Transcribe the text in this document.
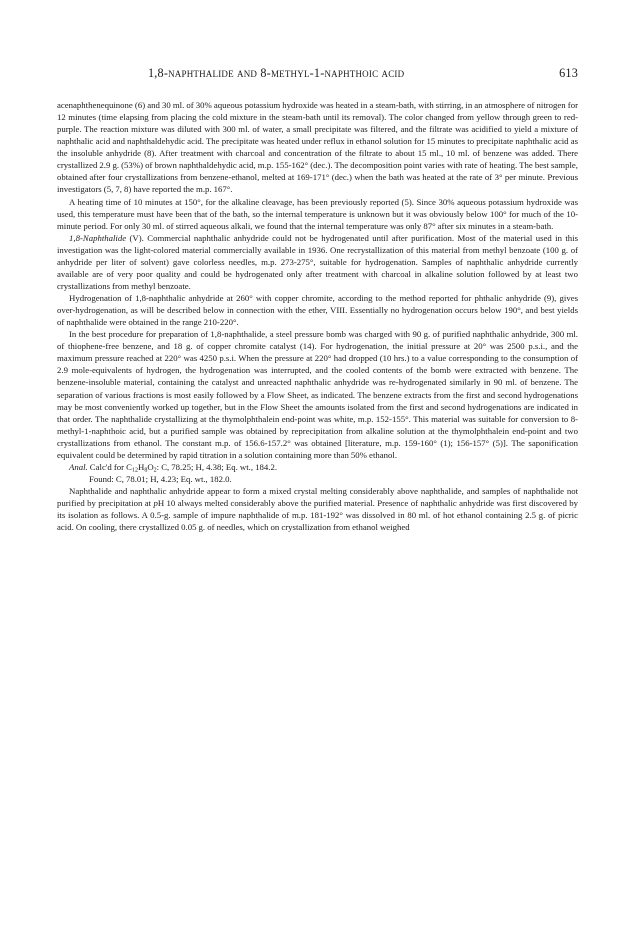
1,8-naphthalide and 8-methyl-1-naphthoic acid	613

acenaphthenequinone (6) and 30 ml. of 30% aqueous potassium hydroxide was heated in a steam-bath, with stirring, in an atmosphere of nitrogen for 12 minutes (time elapsing from placing the cold mixture in the steam-bath until its removal). The color changed from yellow through green to red-purple. The reaction mixture was diluted with 300 ml. of water, a small precipitate was filtered, and the filtrate was acidified to yield a mixture of naphthalic acid and naphthaldehydic acid. The precipitate was heated under reflux in ethanol solution for 15 minutes to precipitate naphthalic acid as the insoluble anhydride (8). After treatment with charcoal and concentration of the filtrate to about 15 ml., 10 ml. of benzene was added. There crystallized 2.9 g. (53%) of brown naphthaldehydic acid, m.p. 155-162° (dec.). The decomposition point varies with rate of heating. The best sample, obtained after four crystallizations from benzene-ethanol, melted at 169-171° (dec.) when the bath was heated at the rate of 3° per minute. Previous investigators (5, 7, 8) have reported the m.p. 167°.

A heating time of 10 minutes at 150°, for the alkaline cleavage, has been previously reported (5). Since 30% aqueous potassium hydroxide was used, this temperature must have been that of the bath, so the internal temperature is unknown but it was obviously below 100° for much of the 10-minute period. For only 30 ml. of stirred aqueous alkali, we found that the internal temperature was only 87° after six minutes in a steam-bath.

1,8-Naphthalide (V). Commercial naphthalic anhydride could not be hydrogenated until after purification. Most of the material used in this investigation was the light-colored material commercially available in 1936. One recrystallization of this material from methyl benzoate (100 g. of anhydride per liter of solvent) gave colorless needles, m.p. 273-275°, suitable for hydrogenation. Samples of naphthalic anhydride currently available are of very poor quality and could be hydrogenated only after treatment with charcoal in alkaline solution followed by at least two crystallizations from methyl benzoate.

Hydrogenation of 1,8-naphthalic anhydride at 260° with copper chromite, according to the method reported for phthalic anhydride (9), gives over-hydrogenation, as will be described below in connection with the ether, VIII. Essentially no hydrogenation occurs below 190°, and best yields of naphthalide were obtained in the range 210-220°.

In the best procedure for preparation of 1,8-naphthalide, a steel pressure bomb was charged with 90 g. of purified naphthalic anhydride, 300 ml. of thiophene-free benzene, and 18 g. of copper chromite catalyst (14). For hydrogenation, the initial pressure at 20° was 2500 p.s.i., and the maximum pressure reached at 220° was 4250 p.s.i. When the pressure at 220° had dropped (10 hrs.) to a value corresponding to the consumption of 2.9 mole-equivalents of hydrogen, the hydrogenation was interrupted, and the cooled contents of the bomb were extracted with benzene. The benzene-insoluble material, containing the catalyst and unreacted naphthalic anhydride was re-hydrogenated similarly in 90 ml. of benzene. The separation of various fractions is most easily followed by a Flow Sheet, as indicated. The benzene extracts from the first and second hydrogenations may be most conveniently worked up together, but in the Flow Sheet the amounts isolated from the first and second hydrogenations are indicated in that order. The naphthalide crystallizing at the thymolphthalein end-point was white, m.p. 152-155°. This material was suitable for conversion to 8-methyl-1-naphthoic acid, but a purified sample was obtained by reprecipitation from alkaline solution at the thymolphthalein end-point and two crystallizations from ethanol. The constant m.p. of 156.6-157.2° was obtained [literature, m.p. 159-160° (1); 156-157° (5)]. The saponification equivalent could be determined by rapid titration in a solution containing more than 50% ethanol.

Anal. Calc'd for $C_{12}H_8O_2$: C, 78.25; H, 4.38; Eq. wt., 184.2.

Found: C, 78.01; H, 4.23; Eq. wt., 182.0.

Naphthalide and naphthalic anhydride appear to form a mixed crystal melting considerably above naphthalide, and samples of naphthalide not purified by precipitation at pH 10 always melted considerably above the purified material. Presence of naphthalic anhydride was first discovered by its isolation as follows. A 0.5-g. sample of impure naphthalide of m.p. 181-192° was dissolved in 80 ml. of hot ethanol containing 2.5 g. of picric acid. On cooling, there crystallized 0.05 g. of needles, which on crystallization from ethanol weighed
